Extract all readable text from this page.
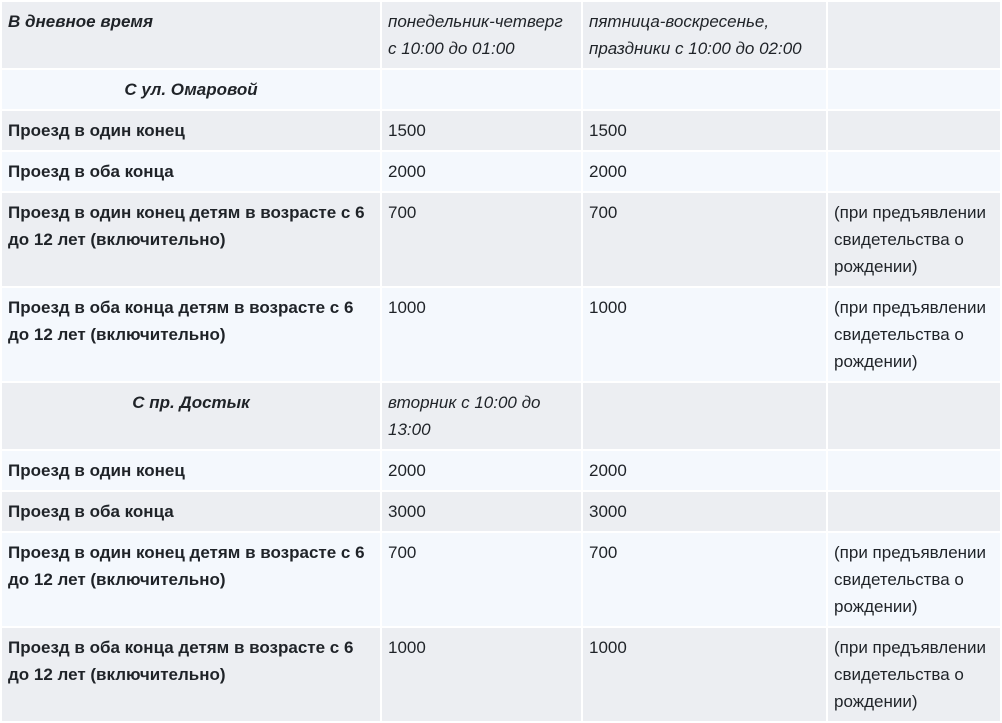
В дневное время	понедельник-четверг с 10:00 до 01:00	пятница-воскресенье, праздники с 10:00 до 02:00	
С ул. Омаровой			
Проезд в один конец	1500	1500	
Проезд в оба конца	2000	2000	
Проезд в один конец детям в возрасте с 6 до 12 лет (включительно)	700	700	(при предъявлении свидетельства о рождении)
Проезд в оба конца детям в возрасте с 6 до 12 лет (включительно)	1000	1000	(при предъявлении свидетельства о рождении)
С пр. Достык	вторник с 10:00 до 13:00		
Проезд в один конец	2000	2000	
Проезд в оба конца	3000	3000	
Проезд в один конец детям в возрасте с 6 до 12 лет (включительно)	700	700	(при предъявлении свидетельства о рождении)
Проезд в оба конца детям в возрасте с 6 до 12 лет (включительно)	1000	1000	(при предъявлении свидетельства о рождении)
